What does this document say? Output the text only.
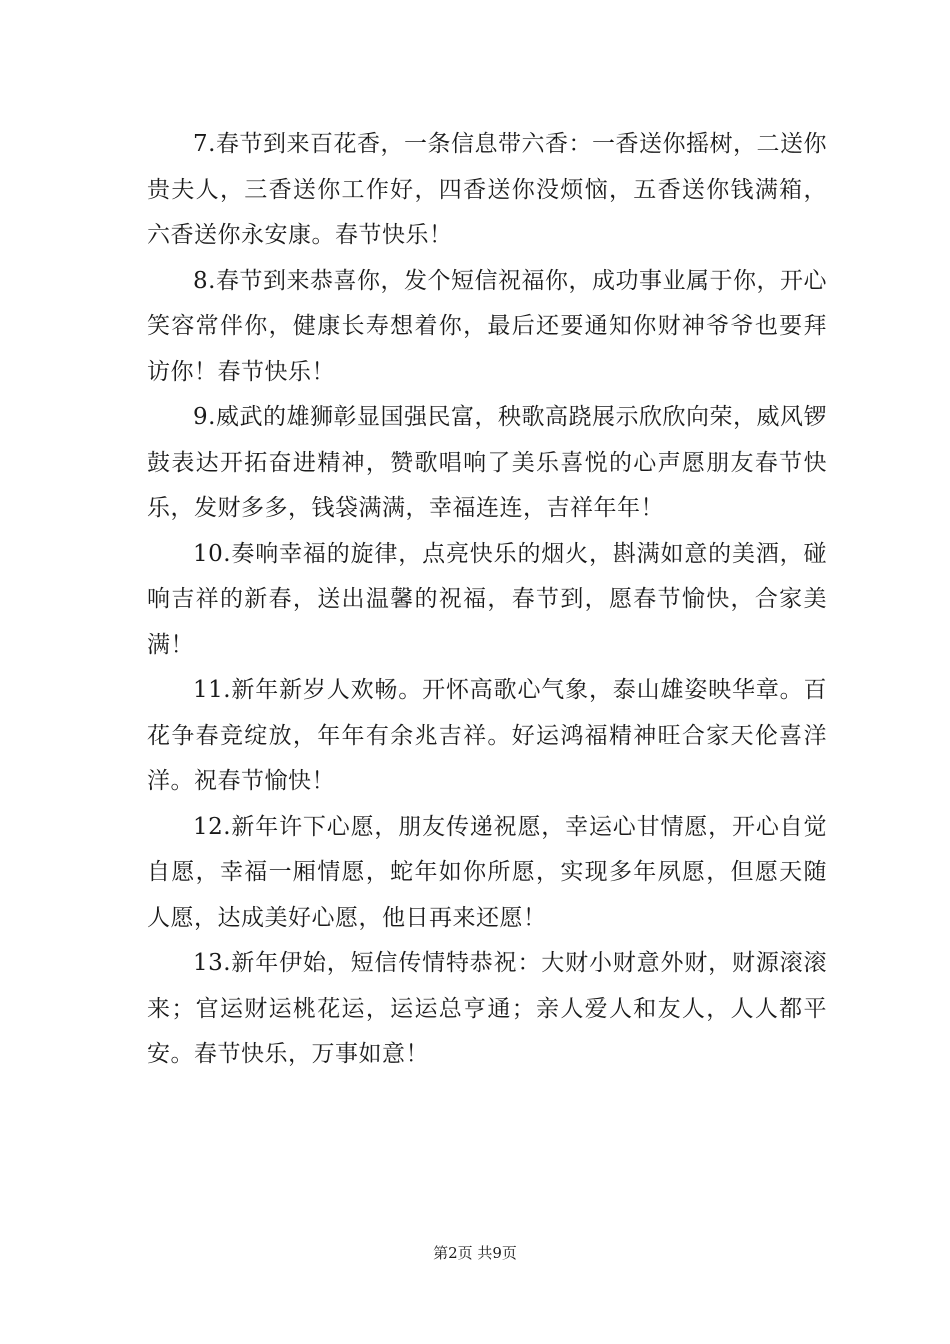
7.春节到来百花香，一条信息带六香：一香送你摇树，二送你贵夫人，三香送你工作好，四香送你没烦恼，五香送你钱满箱，六香送你永安康。春节快乐！

8.春节到来恭喜你，发个短信祝福你，成功事业属于你，开心笑容常伴你，健康长寿想着你，最后还要通知你财神爷爷也要拜访你！春节快乐！

9.威武的雄狮彰显国强民富，秧歌高跷展示欣欣向荣，威风锣鼓表达开拓奋进精神，赞歌唱响了美乐喜悦的心声愿朋友春节快乐，发财多多，钱袋满满，幸福连连，吉祥年年！

10.奏响幸福的旋律，点亮快乐的烟火，斟满如意的美酒，碰响吉祥的新春，送出温馨的祝福，春节到，愿春节愉快，合家美满！

11.新年新岁人欢畅。开怀高歌心气象，泰山雄姿映华章。百花争春竞绽放，年年有余兆吉祥。好运鸿福精神旺合家天伦喜洋洋。祝春节愉快！

12.新年许下心愿，朋友传递祝愿，幸运心甘情愿，开心自觉自愿，幸福一厢情愿，蛇年如你所愿，实现多年夙愿，但愿天随人愿，达成美好心愿，他日再来还愿！

13.新年伊始，短信传情特恭祝：大财小财意外财，财源滚滚来；官运财运桃花运，运运总亨通；亲人爱人和友人，人人都平安。春节快乐，万事如意！

第2页 共9页
